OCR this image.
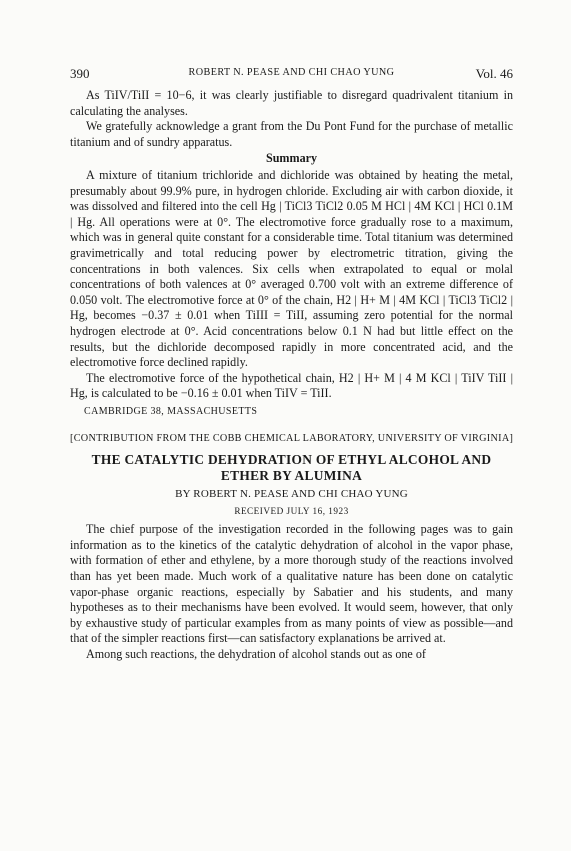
390	ROBERT N. PEASE AND CHI CHAO YUNG	Vol. 46

As TiIV/TiII = 10−6, it was clearly justifiable to disregard quadrivalent titanium in calculating the analyses.

We gratefully acknowledge a grant from the Du Pont Fund for the purchase of metallic titanium and of sundry apparatus.

Summary

A mixture of titanium trichloride and dichloride was obtained by heating the metal, presumably about 99.9% pure, in hydrogen chloride. Excluding air with carbon dioxide, it was dissolved and filtered into the cell Hg | TiCl3 TiCl2 0.05 M HCl | 4M KCl | HCl 0.1M | Hg. All operations were at 0°. The electromotive force gradually rose to a maximum, which was in general quite constant for a considerable time. Total titanium was determined gravimetrically and total reducing power by electrometric titration, giving the concentrations in both valences. Six cells when extrapolated to equal or molal concentrations of both valences at 0° averaged 0.700 volt with an extreme difference of 0.050 volt. The electromotive force at 0° of the chain, H2 | H+ M | 4M KCl | TiCl3 TiCl2 | Hg, becomes −0.37 ± 0.01 when TiIII = TiII, assuming zero potential for the normal hydrogen electrode at 0°. Acid concentrations below 0.1 N had but little effect on the results, but the dichloride decomposed rapidly in more concentrated acid, and the electromotive force declined rapidly.

The electromotive force of the hypothetical chain, H2 | H+ M | 4 M KCl | TiIV TiII | Hg, is calculated to be −0.16 ± 0.01 when TiIV = TiII.

CAMBRIDGE 38, MASSACHUSETTS

[CONTRIBUTION FROM THE COBB CHEMICAL LABORATORY, UNIVERSITY OF VIRGINIA]

THE CATALYTIC DEHYDRATION OF ETHYL ALCOHOL AND ETHER BY ALUMINA

BY ROBERT N. PEASE AND CHI CHAO YUNG

RECEIVED JULY 16, 1923

The chief purpose of the investigation recorded in the following pages was to gain information as to the kinetics of the catalytic dehydration of alcohol in the vapor phase, with formation of ether and ethylene, by a more thorough study of the reactions involved than has yet been made. Much work of a qualitative nature has been done on catalytic vapor-phase organic reactions, especially by Sabatier and his students, and many hypotheses as to their mechanisms have been evolved. It would seem, however, that only by exhaustive study of particular examples from as many points of view as possible—and that of the simpler reactions first—can satisfactory explanations be arrived at.

Among such reactions, the dehydration of alcohol stands out as one of
